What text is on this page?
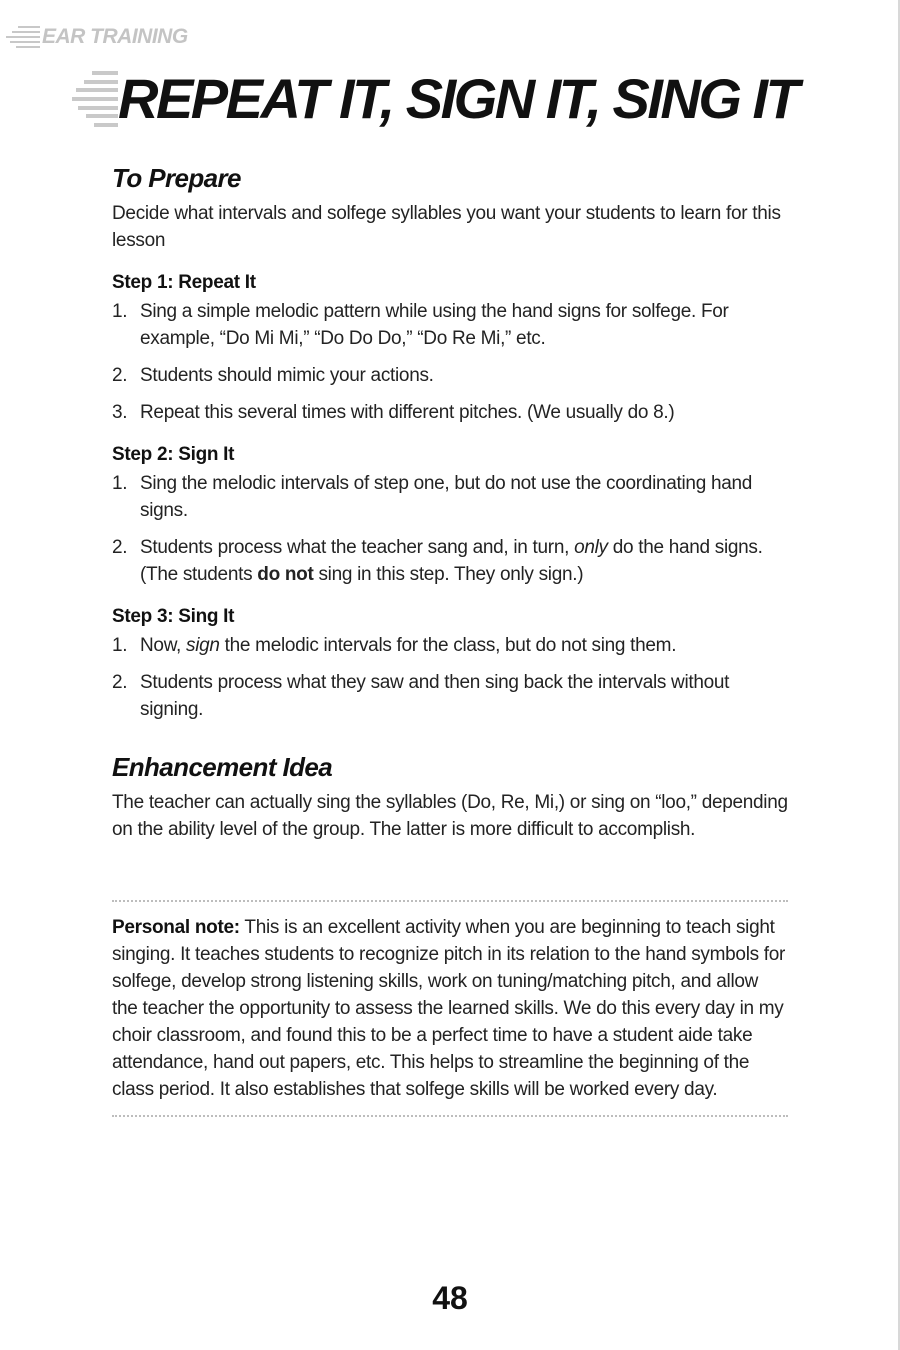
EAR TRAINING
REPEAT IT, SIGN IT, SING IT
To Prepare

Decide what intervals and solfege syllables you want your students to learn for this lesson

Step 1: Repeat It
1. Sing a simple melodic pattern while using the hand signs for solfege. For example, “Do Mi Mi,” “Do Do Do,” “Do Re Mi,” etc.
2. Students should mimic your actions.
3. Repeat this several times with different pitches. (We usually do 8.)
Step 2: Sign It
1. Sing the melodic intervals of step one, but do not use the coordinating hand signs.
2. Students process what the teacher sang and, in turn, only do the hand signs. (The students do not sing in this step. They only sign.)
Step 3: Sing It
1. Now, sign the melodic intervals for the class, but do not sing them.
2. Students process what they saw and then sing back the intervals without signing.
Enhancement Idea

The teacher can actually sing the syllables (Do, Re, Mi,) or sing on “loo,” depending on the ability level of the group. The latter is more difficult to accomplish.

Personal note: This is an excellent activity when you are beginning to teach sight singing. It teaches students to recognize pitch in its relation to the hand symbols for solfege, develop strong listening skills, work on tuning/matching pitch, and allow the teacher the opportunity to assess the learned skills. We do this every day in my choir classroom, and found this to be a perfect time to have a student aide take attendance, hand out papers, etc. This helps to streamline the beginning of the class period. It also establishes that solfege skills will be worked every day.

48
